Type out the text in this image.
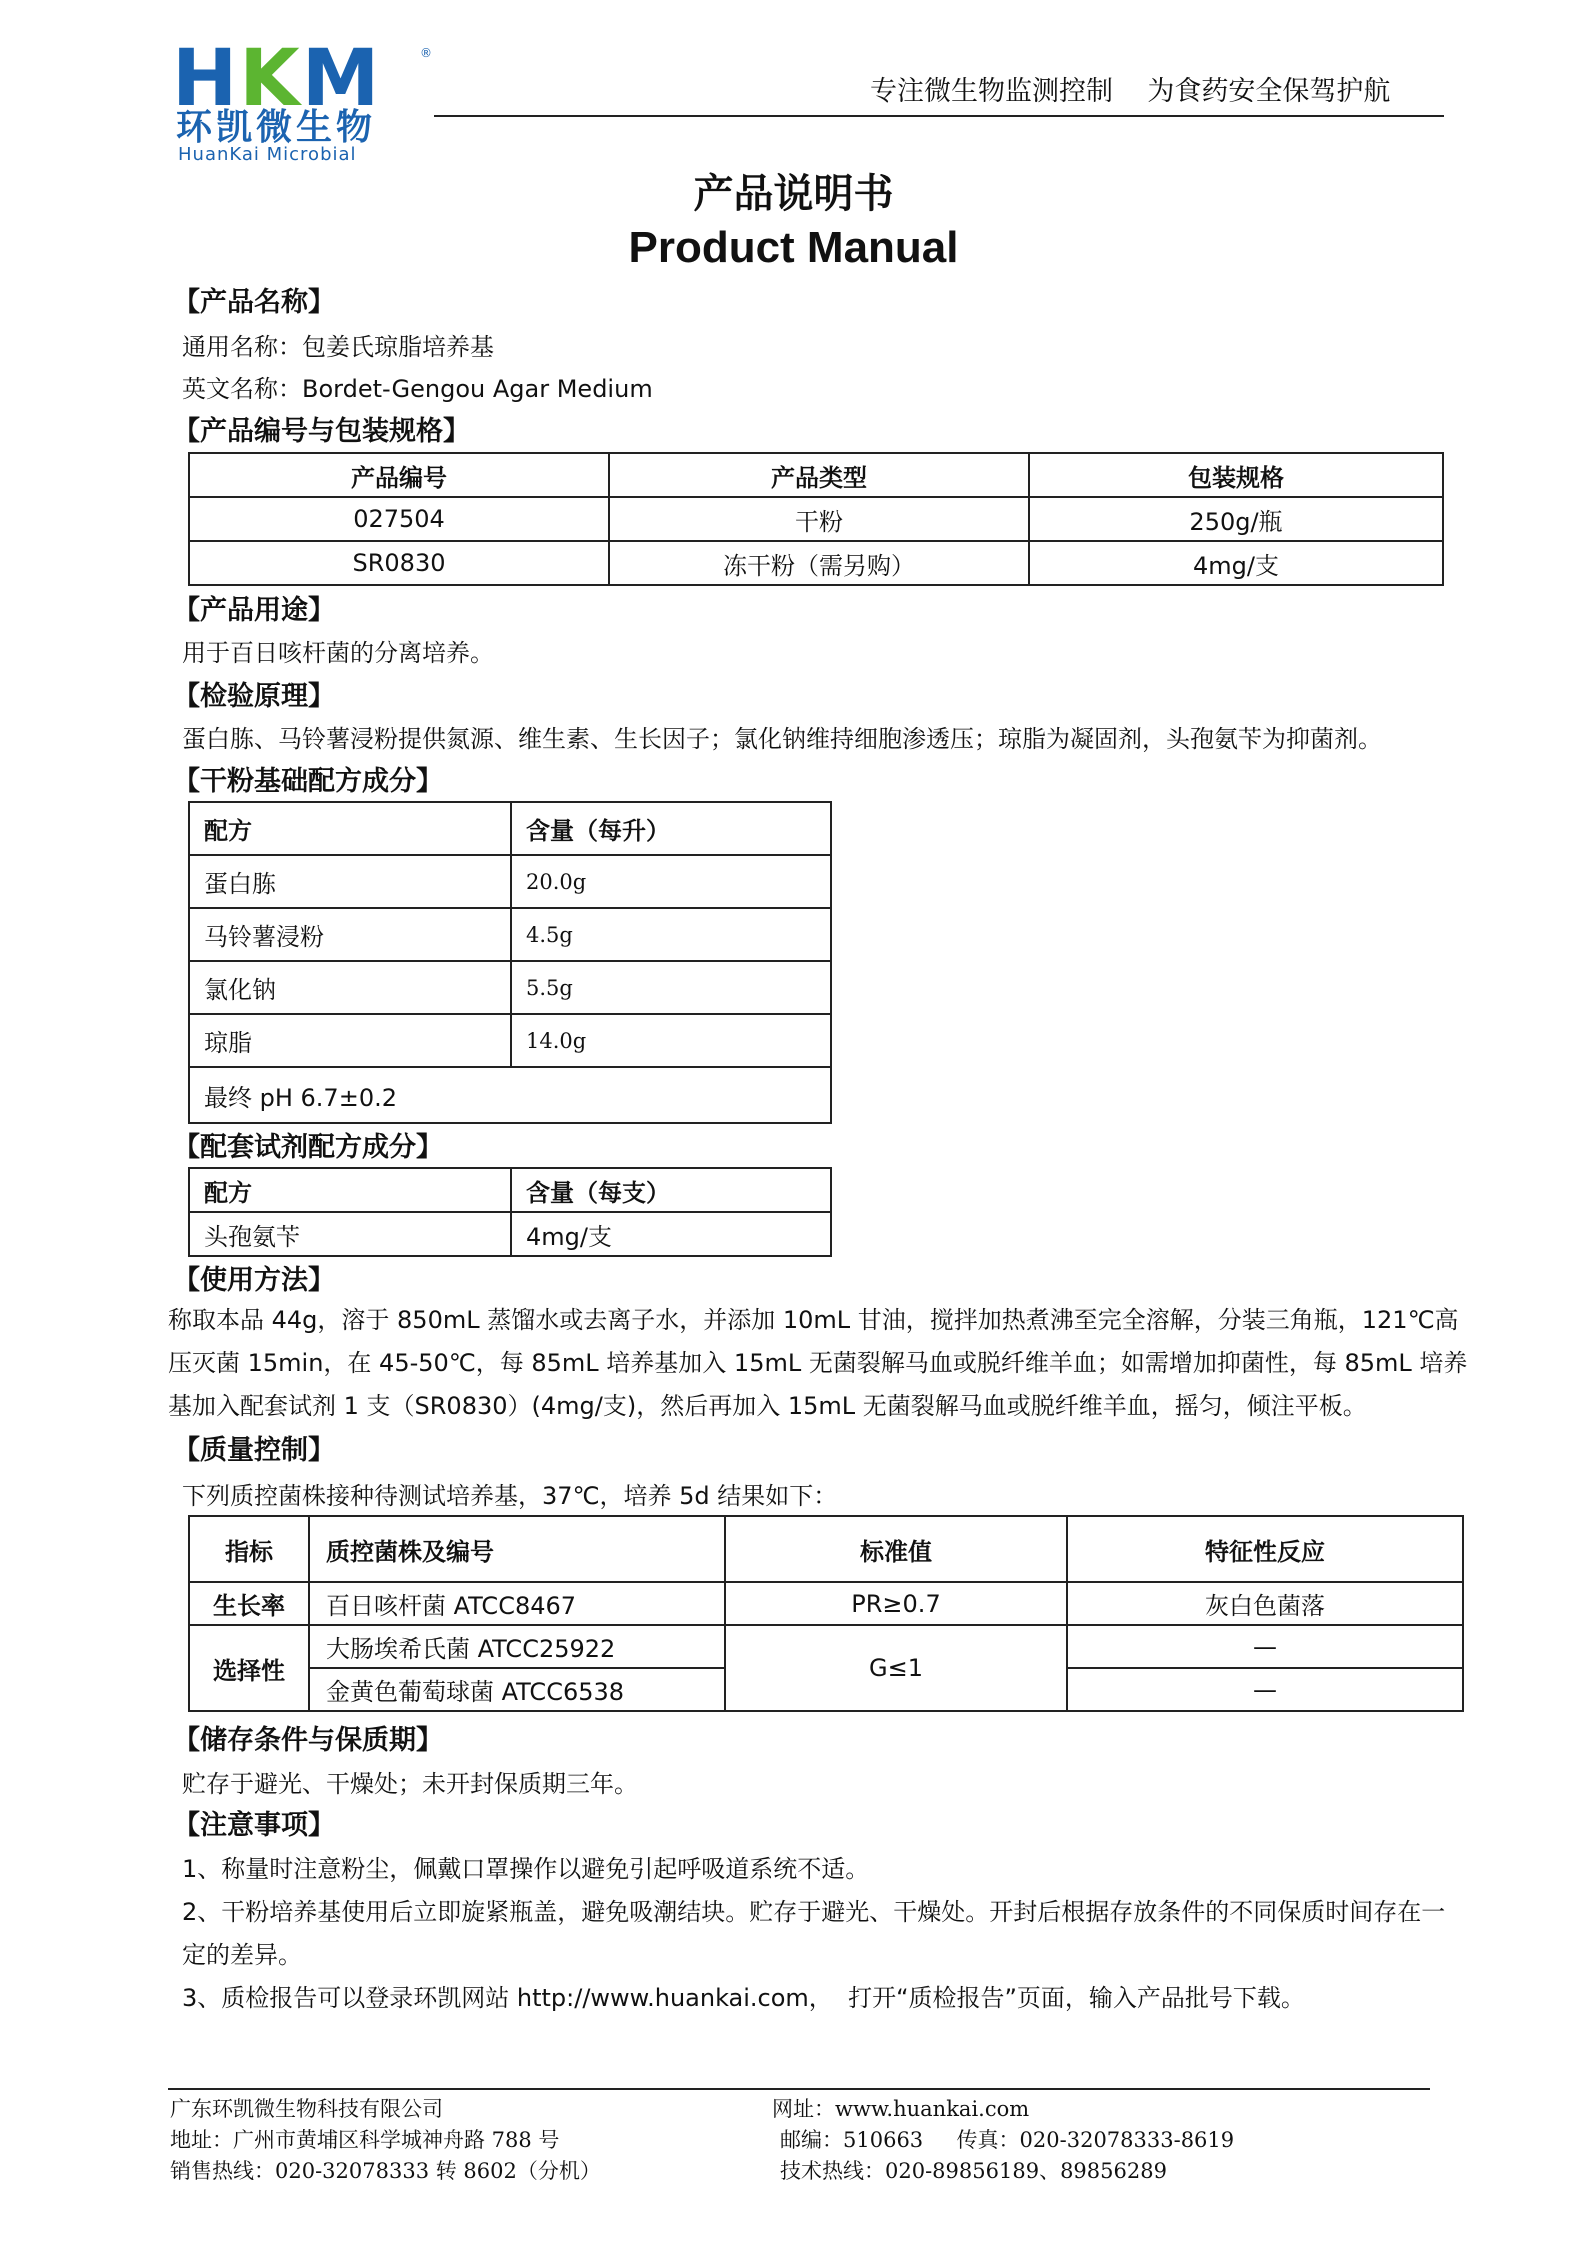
HKM	®
环凯微生物
HuanKai Microbial
专注微生物监测控制    为食药安全保驾护航
产品说明书
Product Manual
【产品名称】
通用名称：包姜氏琼脂培养基
英文名称：Bordet-Gengou Agar Medium
【产品编号与包装规格】
产品编号	产品类型	包装规格
027504	干粉	250g/瓶
SR0830	冻干粉（需另购）	4mg/支
【产品用途】
用于百日咳杆菌的分离培养。
【检验原理】
蛋白胨、马铃薯浸粉提供氮源、维生素、生长因子；氯化钠维持细胞渗透压；琼脂为凝固剂，头孢氨苄为抑菌剂。
【干粉基础配方成分】
配方	含量（每升）
蛋白胨	20.0g
马铃薯浸粉	4.5g
氯化钠	5.5g
琼脂	14.0g
最终 pH 6.7±0.2	
【配套试剂配方成分】
配方	含量（每支）
头孢氨苄	4mg/支
【使用方法】
称取本品 44g，溶于 850mL 蒸馏水或去离子水，并添加 10mL 甘油，搅拌加热煮沸至完全溶解，分装三角瓶，121℃高
压灭菌 15min，在 45-50℃，每 85mL 培养基加入 15mL 无菌裂解马血或脱纤维羊血；如需增加抑菌性，每 85mL 培养
基加入配套试剂 1 支（SR0830）(4mg/支)，然后再加入 15mL 无菌裂解马血或脱纤维羊血，摇匀，倾注平板。
【质量控制】
下列质控菌株接种待测试培养基，37℃，培养 5d 结果如下：
指标	质控菌株及编号	标准值	特征性反应
生长率	百日咳杆菌 ATCC8467	PR≥0.7	灰白色菌落
选择性	大肠埃希氏菌 ATCC25922	G≤1	—
	金黄色葡萄球菌 ATCC6538		—
【储存条件与保质期】
贮存于避光、干燥处；未开封保质期三年。
【注意事项】
1、称量时注意粉尘，佩戴口罩操作以避免引起呼吸道系统不适。
2、干粉培养基使用后立即旋紧瓶盖，避免吸潮结块。贮存于避光、干燥处。开封后根据存放条件的不同保质时间存在一
定的差异。
3、质检报告可以登录环凯网站 http://www.huankai.com，  打开“质检报告”页面，输入产品批号下载。
广东环凯微生物科技有限公司
地址：广州市黄埔区科学城神舟路 788 号
销售热线：020-32078333 转 8602（分机）
网址：www.huankai.com
邮编：510663     传真：020-32078333-8619
技术热线：020-89856189、89856289
